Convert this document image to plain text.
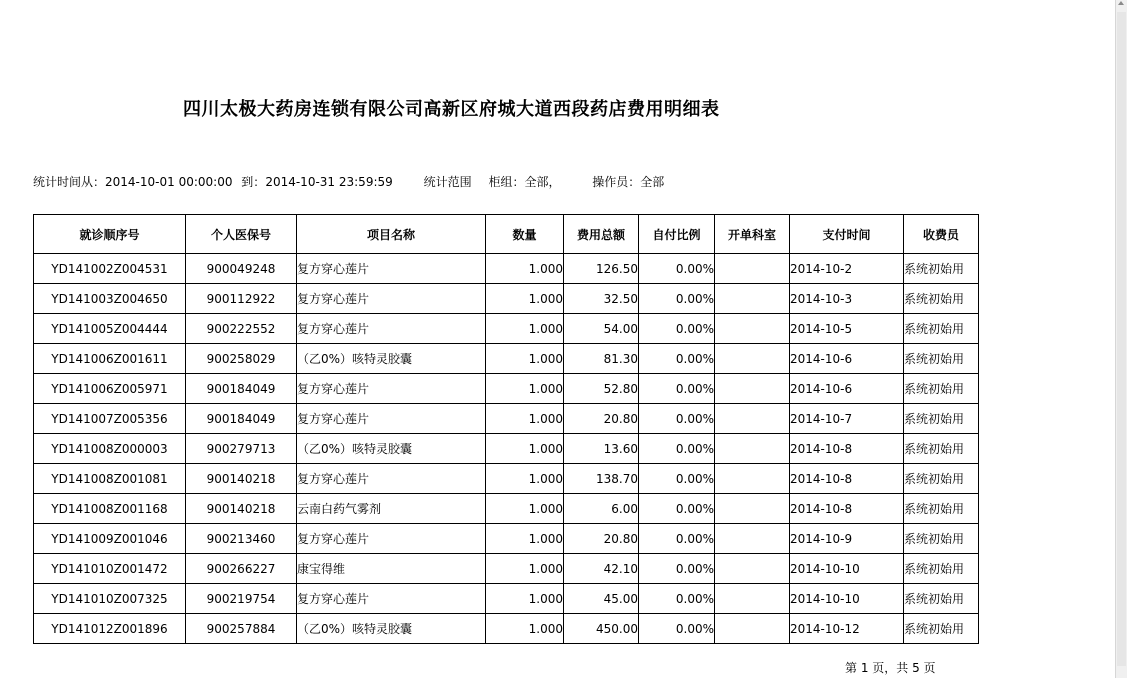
四川太极大药房连锁有限公司高新区府城大道西段药店费用明细表
统计时间从：2014-10-01 00:00:00 到：2014-10-31 23:59:59	统计范围 柜组：全部，	操作员：全部
就诊顺序号	个人医保号	项目名称	数量	费用总额	自付比例	开单科室	支付时间	收费员
YD141002Z004531	900049248	复方穿心莲片	1.000	126.50	0.00%		2014-10-2	系统初始用
YD141003Z004650	900112922	复方穿心莲片	1.000	32.50	0.00%		2014-10-3	系统初始用
YD141005Z004444	900222552	复方穿心莲片	1.000	54.00	0.00%		2014-10-5	系统初始用
YD141006Z001611	900258029	（乙0%）咳特灵胶囊	1.000	81.30	0.00%		2014-10-6	系统初始用
YD141006Z005971	900184049	复方穿心莲片	1.000	52.80	0.00%		2014-10-6	系统初始用
YD141007Z005356	900184049	复方穿心莲片	1.000	20.80	0.00%		2014-10-7	系统初始用
YD141008Z000003	900279713	（乙0%）咳特灵胶囊	1.000	13.60	0.00%		2014-10-8	系统初始用
YD141008Z001081	900140218	复方穿心莲片	1.000	138.70	0.00%		2014-10-8	系统初始用
YD141008Z001168	900140218	云南白药气雾剂	1.000	6.00	0.00%		2014-10-8	系统初始用
YD141009Z001046	900213460	复方穿心莲片	1.000	20.80	0.00%		2014-10-9	系统初始用
YD141010Z001472	900266227	康宝得维	1.000	42.10	0.00%		2014-10-10	系统初始用
YD141010Z007325	900219754	复方穿心莲片	1.000	45.00	0.00%		2014-10-10	系统初始用
YD141012Z001896	900257884	（乙0%）咳特灵胶囊	1.000	450.00	0.00%		2014-10-12	系统初始用
第 1 页，共 5 页
